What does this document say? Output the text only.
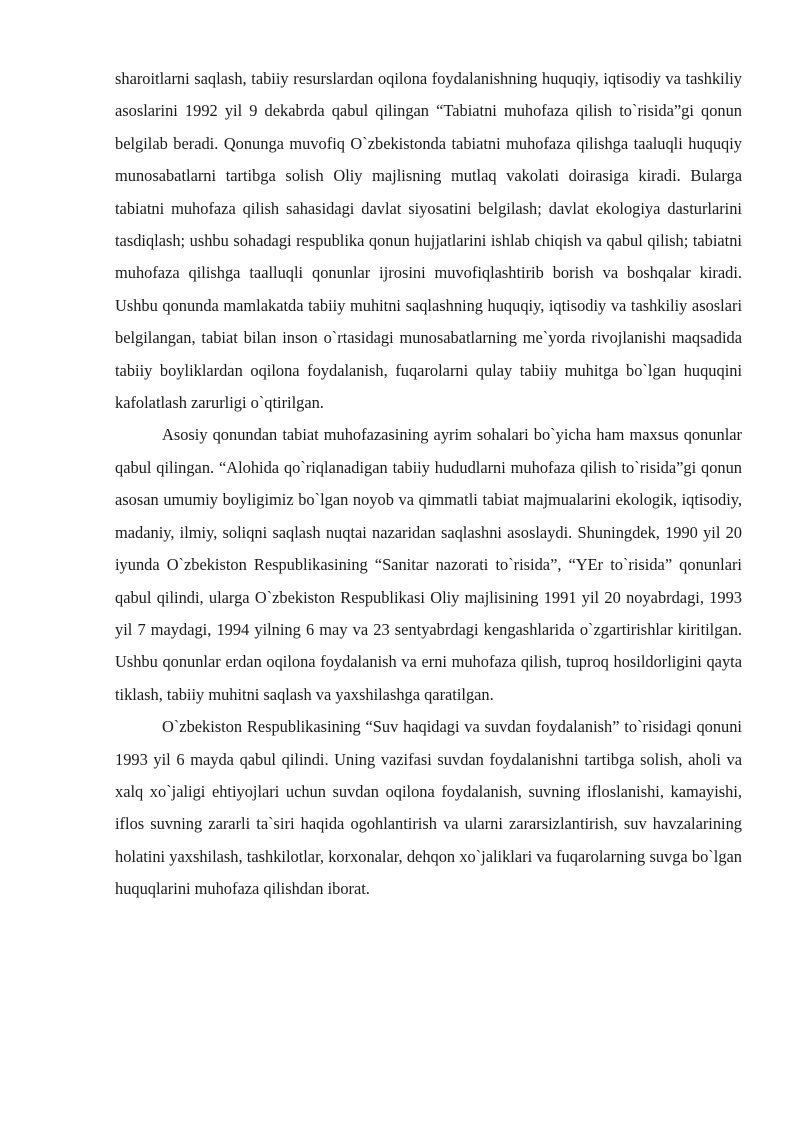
sharoitlarni saqlash, tabiiy resurslardan oqilona foydalanishning huquqiy, iqtisodiy va tashkiliy asoslarini 1992 yil 9 dekabrda qabul qilingan “Tabiatni muhofaza qilish to`risida”gi qonun belgilab beradi. Qonunga muvofiq O`zbekistonda tabiatni muhofaza qilishga taaluqli huquqiy munosabatlarni tartibga solish Oliy majlisning mutlaq vakolati doirasiga kiradi. Bularga tabiatni muhofaza qilish sahasidagi davlat siyosatini belgilash; davlat ekologiya dasturlarini tasdiqlash; ushbu sohadagi respublika qonun hujjatlarini ishlab chiqish va qabul qilish; tabiatni muhofaza qilishga taalluqli qonunlar ijrosini muvofiqlashtirib borish va boshqalar kiradi. Ushbu qonunda mamlakatda tabiiy muhitni saqlashning huquqiy, iqtisodiy va tashkiliy asoslari belgilangan, tabiat bilan inson o`rtasidagi munosabatlarning me`yorda rivojlanishi maqsadida tabiiy boyliklardan oqilona foydalanish, fuqarolarni qulay tabiiy muhitga bo`lgan huquqini kafolatlash zarurligi o`qtirilgan.

Asosiy qonundan tabiat muhofazasining ayrim sohalari bo`yicha ham maxsus qonunlar qabul qilingan. “Alohida qo`riqlanadigan tabiiy hududlarni muhofaza qilish to`risida”gi qonun asosan umumiy boyligimiz bo`lgan noyob va qimmatli tabiat majmualarini ekologik, iqtisodiy, madaniy, ilmiy, soliqni saqlash nuqtai nazaridan saqlashni asoslaydi. Shuningdek, 1990 yil 20 iyunda O`zbekiston Respublikasining “Sanitar nazorati to`risida”, “YEr to`risida” qonunlari qabul qilindi, ularga O`zbekiston Respublikasi Oliy majlisining 1991 yil 20 noyabrdagi, 1993 yil 7 maydagi, 1994 yilning 6 may va 23 sentyabrdagi kengashlarida o`zgartirishlar kiritilgan. Ushbu qonunlar erdan oqilona foydalanish va erni muhofaza qilish, tuproq hosildorligini qayta tiklash, tabiiy muhitni saqlash va yaxshilashga qaratilgan.

O`zbekiston Respublikasining “Suv haqidagi va suvdan foydalanish” to`risidagi qonuni 1993 yil 6 mayda qabul qilindi. Uning vazifasi suvdan foydalanishni tartibga solish, aholi va xalq xo`jaligi ehtiyojlari uchun suvdan oqilona foydalanish, suvning ifloslanishi, kamayishi, iflos suvning zararli ta`siri haqida ogohlantirish va ularni zararsizlantirish, suv havzalarining holatini yaxshilash, tashkilotlar, korxonalar, dehqon xo`jaliklari va fuqarolarning suvga bo`lgan huquqlarini muhofaza qilishdan iborat.
